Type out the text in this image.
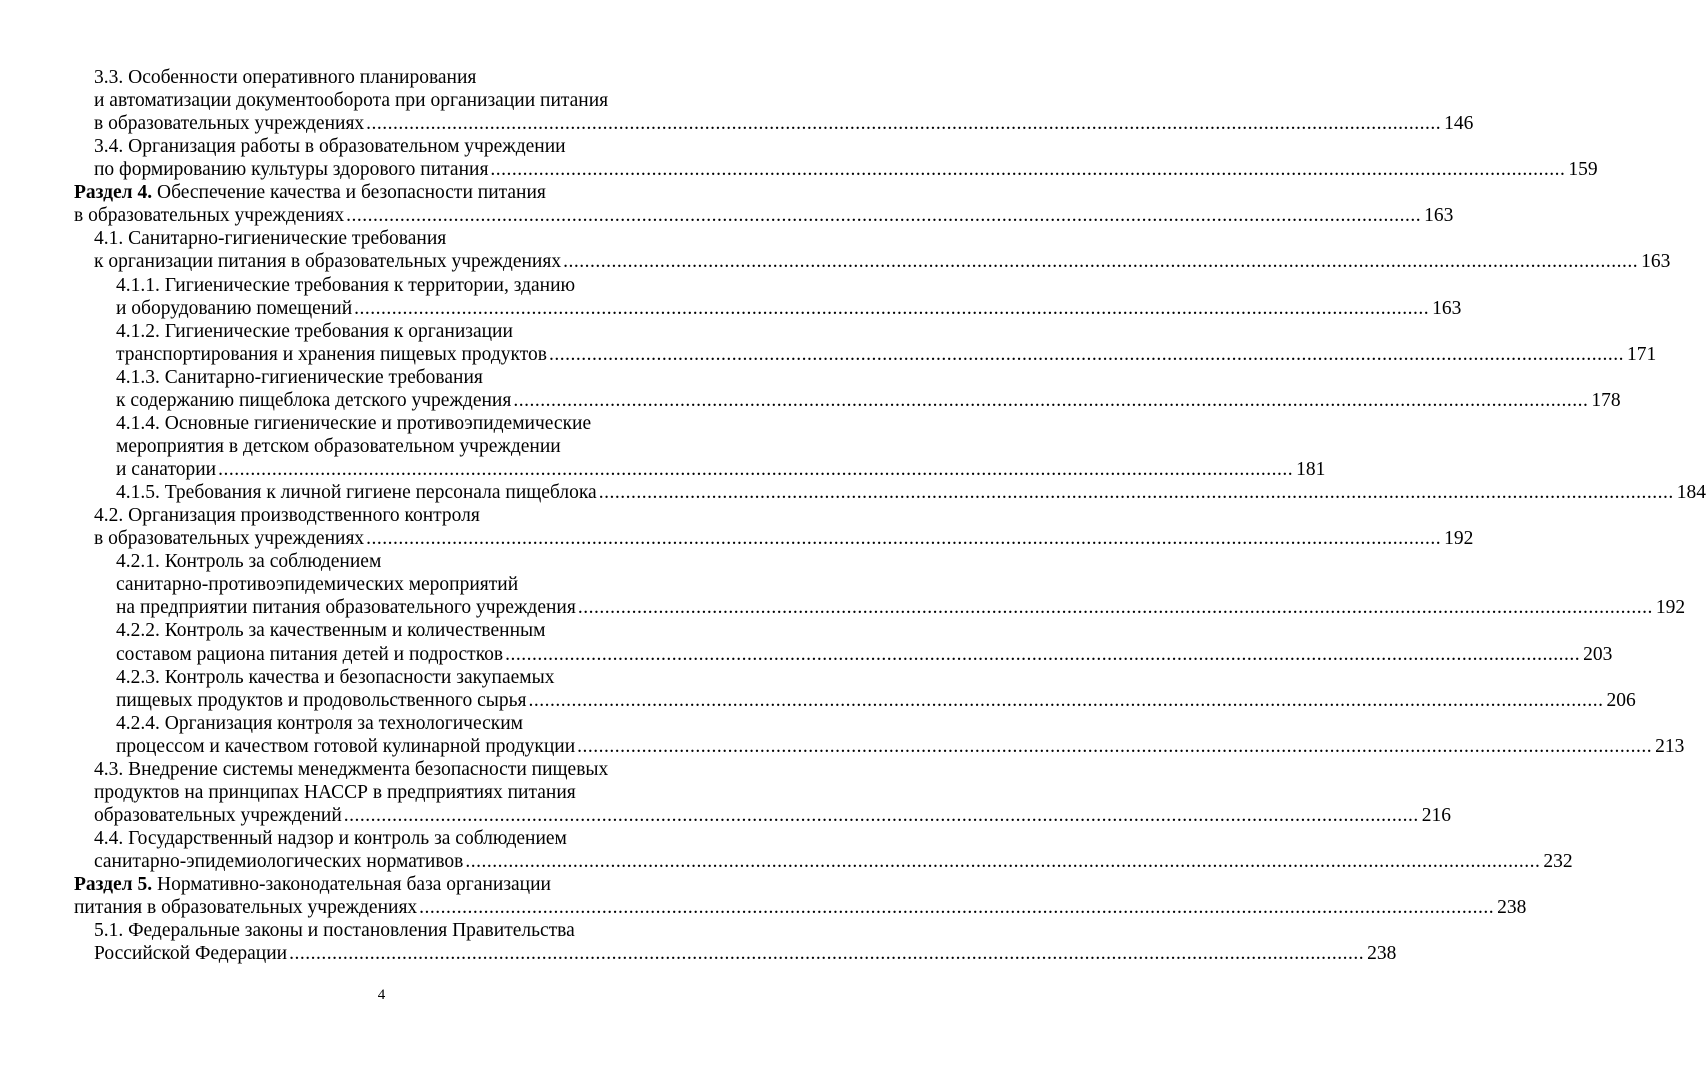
3.3. Особенности оперативного планирования
и автоматизации документооборота при организации питания
в образовательных учреждениях ........................................................................................................................................................................................................ 146
3.4. Организация работы в образовательном учреждении
по формированию культуры здорового питания ........................................................................................................................................................................................................ 159
Раздел 4. Обеспечение качества и безопасности питания
в образовательных учреждениях ........................................................................................................................................................................................................ 163
4.1. Санитарно-гигиенические требования
к организации питания в образовательных учреждениях ........................................................................................................................................................................................................ 163
4.1.1. Гигиенические требования к территории, зданию
и оборудованию помещений ........................................................................................................................................................................................................ 163
4.1.2. Гигиенические требования к организации
транспортирования и хранения пищевых продуктов ........................................................................................................................................................................................................ 171
4.1.3. Санитарно-гигиенические требования
к содержанию пищеблока детского учреждения ........................................................................................................................................................................................................ 178
4.1.4. Основные гигиенические и противоэпидемические
мероприятия в детском образовательном учреждении
и санатории ........................................................................................................................................................................................................ 181
4.1.5. Требования к личной гигиене персонала пищеблока ........................................................................................................................................................................................................ 184
4.2. Организация производственного контроля
в образовательных учреждениях ........................................................................................................................................................................................................ 192
4.2.1. Контроль за соблюдением
санитарно-противоэпидемических мероприятий
на предприятии питания образовательного учреждения ........................................................................................................................................................................................................ 192
4.2.2. Контроль за качественным и количественным
составом рациона питания детей и подростков ........................................................................................................................................................................................................ 203
4.2.3. Контроль качества и безопасности закупаемых
пищевых продуктов и продовольственного сырья ........................................................................................................................................................................................................ 206
4.2.4. Организация контроля за технологическим
процессом и качеством готовой кулинарной продукции ........................................................................................................................................................................................................ 213
4.3. Внедрение системы менеджмента безопасности пищевых
продуктов на принципах НАССР в предприятиях питания
образовательных учреждений ........................................................................................................................................................................................................ 216
4.4. Государственный надзор и контроль за соблюдением
санитарно-эпидемиологических нормативов ........................................................................................................................................................................................................ 232
Раздел 5. Нормативно-законодательная база организации
питания в образовательных учреждениях ........................................................................................................................................................................................................ 238
5.1. Федеральные законы и постановления Правительства
Российской Федерации ........................................................................................................................................................................................................ 238
4
